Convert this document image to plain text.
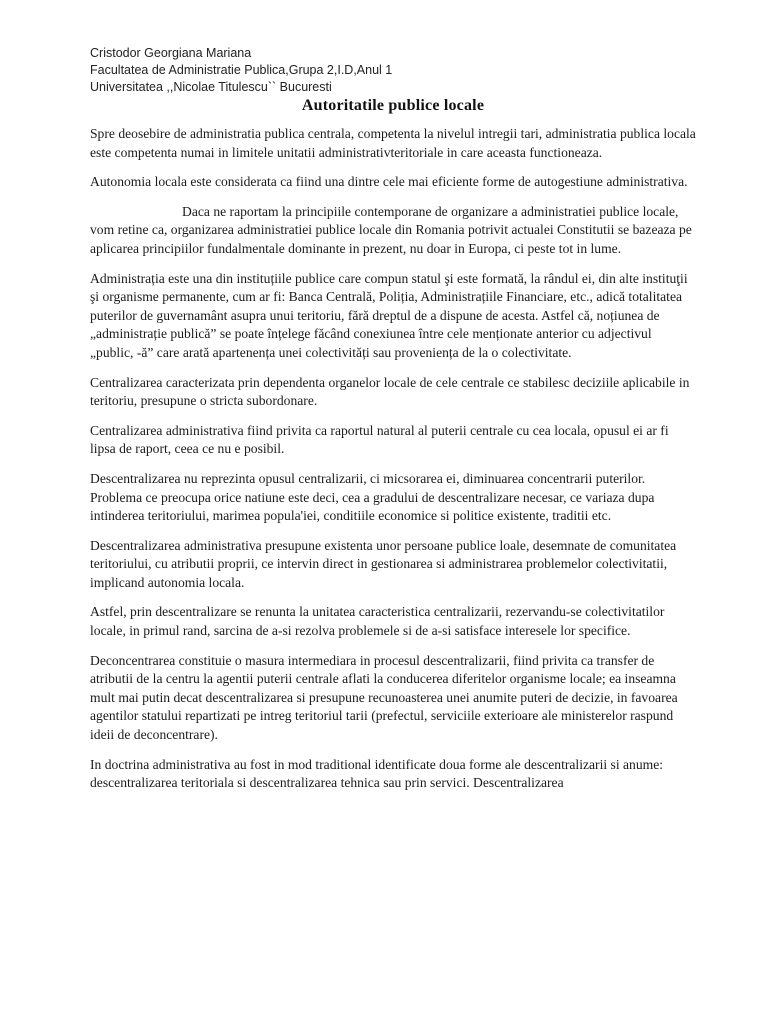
Cristodor Georgiana Mariana
Facultatea de Administratie Publica,Grupa 2,I.D,Anul 1
Universitatea ,,Nicolae Titulescu`` Bucuresti
Autoritatile publice locale

Spre deosebire de administratia publica centrala, competenta la nivelul intregii tari, administratia publica locala este competenta numai in limitele unitatii administrativteritoriale in care aceasta functioneaza.

Autonomia locala este considerata ca fiind una dintre cele mai eficiente forme de autogestiune administrativa.

Daca ne raportam la principiile contemporane de organizare a administratiei publice locale, vom retine ca, organizarea administratiei publice locale din Romania potrivit actualei Constitutii se bazeaza pe aplicarea principiilor fundalmentale dominante in prezent, nu doar in Europa, ci peste tot in lume.

Administrația este una din instituțiile publice care compun statul şi este formată, la rândul ei, din alte instituţii şi organisme permanente, cum ar fi: Banca Centrală, Poliția, Administrațiile Financiare, etc., adică totalitatea puterilor de guvernamânt asupra unui teritoriu, fără dreptul de a dispune de acesta. Astfel că, noțiunea de „administrație publică” se poate înțelege făcând conexiunea între cele menționate anterior cu adjectivul „public, -ă” care arată apartenența unei colectivități sau proveniența de la o colectivitate.

Centralizarea caracterizata prin dependenta organelor locale de cele centrale ce stabilesc deciziile aplicabile in teritoriu, presupune o stricta subordonare.

Centralizarea administrativa fiind privita ca raportul natural al puterii centrale cu cea locala, opusul ei ar fi lipsa de raport, ceea ce nu e posibil.

Descentralizarea nu reprezinta opusul centralizarii, ci micsorarea ei, diminuarea concentrarii puterilor. Problema ce preocupa orice natiune este deci, cea a gradului de descentralizare necesar, ce variaza dupa intinderea teritoriului, marimea popula'iei, conditiile economice si politice existente, traditii etc.

Descentralizarea administrativa presupune existenta unor persoane publice loale, desemnate de comunitatea teritoriului, cu atributii proprii, ce intervin direct in gestionarea si administrarea problemelor colectivitatii, implicand autonomia locala.

Astfel, prin descentralizare se renunta la unitatea caracteristica centralizarii, rezervandu-se colectivitatilor locale, in primul rand, sarcina de a-si rezolva problemele si de a-si satisface interesele lor specifice.

Deconcentrarea constituie o masura intermediara in procesul descentralizarii, fiind privita ca transfer de atributii de la centru la agentii puterii centrale aflati la conducerea diferitelor organisme locale; ea inseamna mult mai putin decat descentralizarea si presupune recunoasterea unei anumite puteri de decizie, in favoarea agentilor statului repartizati pe intreg teritoriul tarii (prefectul, serviciile exterioare ale ministerelor raspund ideii de deconcentrare).

In doctrina administrativa au fost in mod traditional identificate doua forme ale descentralizarii si anume: descentralizarea teritoriala si descentralizarea tehnica sau prin servici. Descentralizarea
